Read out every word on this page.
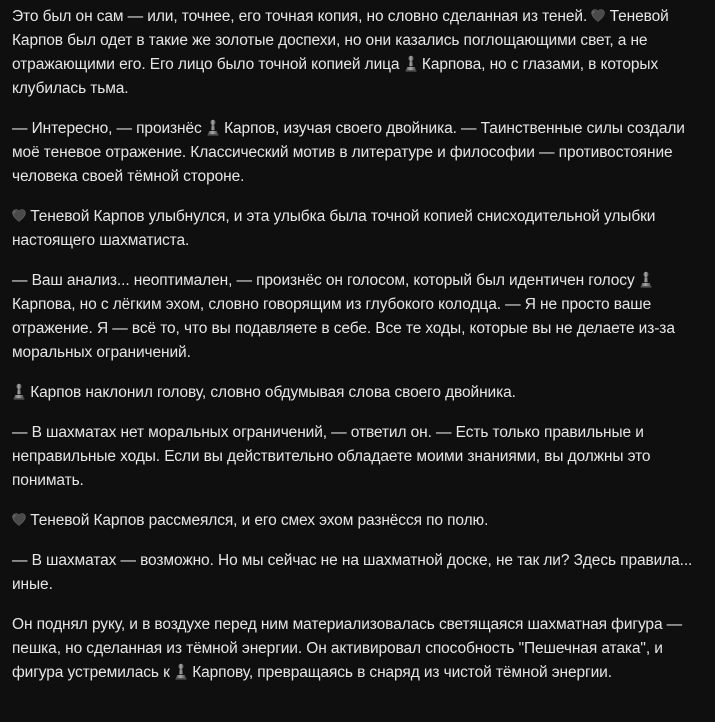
Это был он сам — или, точнее, его точная копия, но словно сделанная из теней. Теневой Карпов был одет в такие же золотые доспехи, но они казались поглощающими свет, а не отражающими его. Его лицо было точной копией лица Карпова, но с глазами, в которых клубилась тьма.

— Интересно, — произнёс Карпов, изучая своего двойника. — Таинственные силы создали моё теневое отражение. Классический мотив в литературе и философии — противостояние человека своей тёмной стороне.

Теневой Карпов улыбнулся, и эта улыбка была точной копией снисходительной улыбки настоящего шахматиста.

— Ваш анализ... неоптимален, — произнёс он голосом, который был идентичен голосу  Карпова, но с лёгким эхом, словно говорящим из глубокого колодца. — Я не просто ваше отражение. Я — всё то, что вы подавляете в себе. Все те ходы, которые вы не делаете из-за моральных ограничений.

Карпов наклонил голову, словно обдумывая слова своего двойника.

— В шахматах нет моральных ограничений, — ответил он. — Есть только правильные и неправильные ходы. Если вы действительно обладаете моими знаниями, вы должны это понимать.

Теневой Карпов рассмеялся, и его смех эхом разнёсся по полю.

— В шахматах — возможно. Но мы сейчас не на шахматной доске, не так ли? Здесь правила... иные.

Он поднял руку, и в воздухе перед ним материализовалась светящаяся шахматная фигура — пешка, но сделанная из тёмной энергии. Он активировал способность "Пешечная атака", и фигура устремилась к Карпову, превращаясь в снаряд из чистой тёмной энергии.
